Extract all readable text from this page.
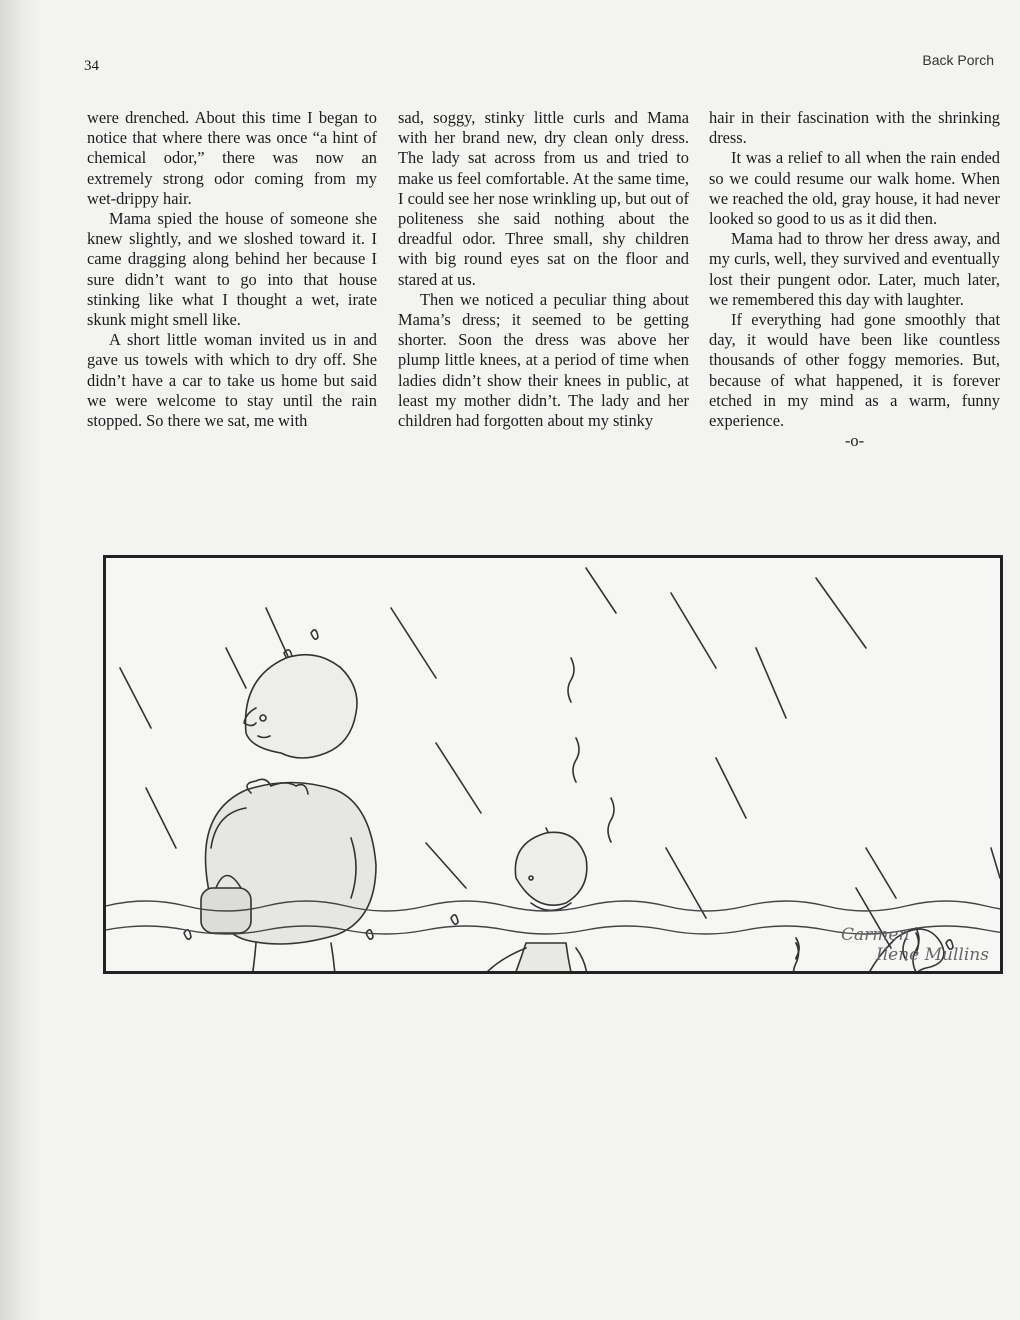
34	Back Porch

were drenched. About this time I began to notice that where there was once “a hint of chemical odor,” there was now an extremely strong odor coming from my wet-drippy hair.

Mama spied the house of someone she knew slightly, and we sloshed toward it. I came dragging along behind her because I sure didn’t want to go into that house stinking like what I thought a wet, irate skunk might smell like.

A short little woman invited us in and gave us towels with which to dry off. She didn’t have a car to take us home but said we were welcome to stay until the rain stopped. So there we sat, me with

sad, soggy, stinky little curls and Mama with her brand new, dry clean only dress. The lady sat across from us and tried to make us feel comfortable. At the same time, I could see her nose wrinkling up, but out of politeness she said nothing about the dreadful odor. Three small, shy children with big round eyes sat on the floor and stared at us.

Then we noticed a peculiar thing about Mama’s dress; it seemed to be getting shorter. Soon the dress was above her plump little knees, at a period of time when ladies didn’t show their knees in public, at least my mother didn’t. The lady and her children had forgotten about my stinky

hair in their fascination with the shrinking dress.

It was a relief to all when the rain ended so we could resume our walk home. When we reached the old, gray house, it had never looked so good to us as it did then.

Mama had to throw her dress away, and my curls, well, they survived and eventually lost their pungent odor. Later, much later, we remembered this day with laughter.

If everything had gone smoothly that day, it would have been like countless thousands of other foggy memories. But, because of what happened, it is forever etched in my mind as a warm, funny experience.

-o-

Carmen
Ilene Mullins
